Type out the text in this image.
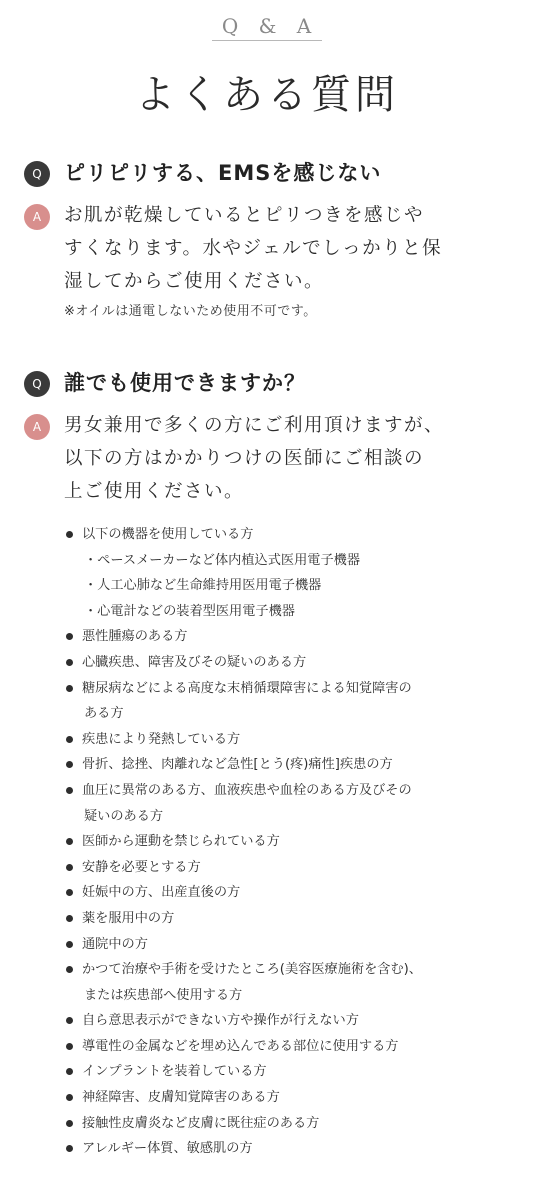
Q & A
よくある質問
Q	ピリピリする、EMSを感じない
A	お肌が乾燥しているとピリつきを感じや
すくなります。水やジェルでしっかりと保
湿してからご使用ください。
※オイルは通電しないため使用不可です。
Q	誰でも使用できますか？
A	男女兼用で多くの方にご利用頂けますが、
以下の方はかかりつけの医師にご相談の
上ご使用ください。
以下の機器を使用している方
・ペースメーカーなど体内植込式医用電子機器
・人工心肺など生命維持用医用電子機器
・心電計などの装着型医用電子機器
悪性腫瘍のある方
心臓疾患、障害及びその疑いのある方
糖尿病などによる高度な末梢循環障害による知覚障害の
ある方
疾患により発熱している方
骨折、捻挫、肉離れなど急性[とう(疼)痛性]疾患の方
血圧に異常のある方、血液疾患や血栓のある方及びその
疑いのある方
医師から運動を禁じられている方
安静を必要とする方
妊娠中の方、出産直後の方
薬を服用中の方
通院中の方
かつて治療や手術を受けたところ(美容医療施術を含む)、
または疾患部へ使用する方
自ら意思表示ができない方や操作が行えない方
導電性の金属などを埋め込んである部位に使用する方
インプラントを装着している方
神経障害、皮膚知覚障害のある方
接触性皮膚炎など皮膚に既往症のある方
アレルギー体質、敏感肌の方
